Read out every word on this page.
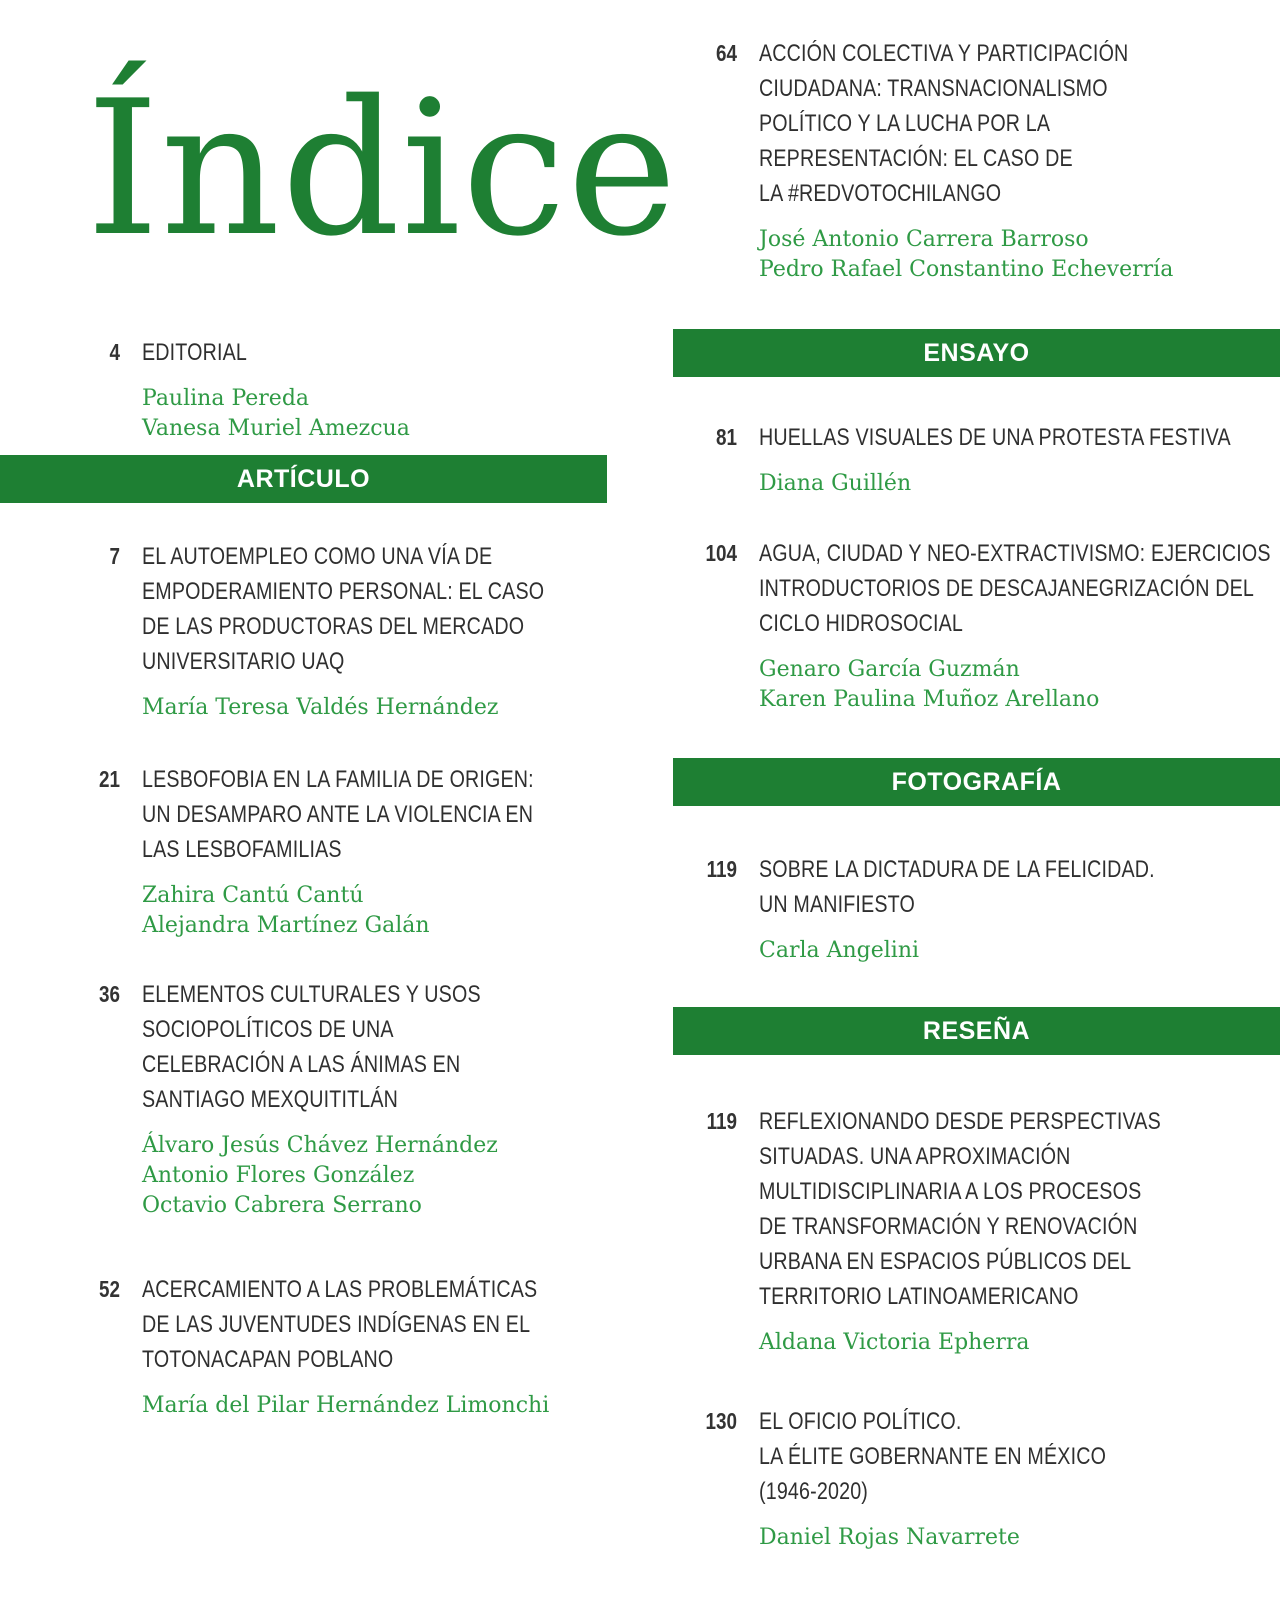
Índice
ARTÍCULO
ENSAYO
FOTOGRAFÍA
RESEÑA
4 EDITORIAL
Paulina Pereda
Vanesa Muriel Amezcua
7 EL AUTOEMPLEO COMO UNA VÍA DE
EMPODERAMIENTO PERSONAL: EL CASO
DE LAS PRODUCTORAS DEL MERCADO
UNIVERSITARIO UAQ
María Teresa Valdés Hernández
21 LESBOFOBIA EN LA FAMILIA DE ORIGEN:
UN DESAMPARO ANTE LA VIOLENCIA EN
LAS LESBOFAMILIAS
Zahira Cantú Cantú
Alejandra Martínez Galán
36 ELEMENTOS CULTURALES Y USOS
SOCIOPOLÍTICOS DE UNA
CELEBRACIÓN A LAS ÁNIMAS EN
SANTIAGO MEXQUITITLÁN
Álvaro Jesús Chávez Hernández
Antonio Flores González
Octavio Cabrera Serrano
52 ACERCAMIENTO A LAS PROBLEMÁTICAS
DE LAS JUVENTUDES INDÍGENAS EN EL
TOTONACAPAN POBLANO
María del Pilar Hernández Limonchi
64 ACCIÓN COLECTIVA Y PARTICIPACIÓN
CIUDADANA: TRANSNACIONALISMO
POLÍTICO Y LA LUCHA POR LA
REPRESENTACIÓN: EL CASO DE
LA #REDVOTOCHILANGO
José Antonio Carrera Barroso
Pedro Rafael Constantino Echeverría
81 HUELLAS VISUALES DE UNA PROTESTA FESTIVA
Diana Guillén
104 AGUA, CIUDAD Y NEO-EXTRACTIVISMO: EJERCICIOS
INTRODUCTORIOS DE DESCAJANEGRIZACIÓN DEL
CICLO HIDROSOCIAL
Genaro García Guzmán
Karen Paulina Muñoz Arellano
119 SOBRE LA DICTADURA DE LA FELICIDAD.
UN MANIFIESTO
Carla Angelini
119 REFLEXIONANDO DESDE PERSPECTIVAS
SITUADAS. UNA APROXIMACIÓN
MULTIDISCIPLINARIA A LOS PROCESOS
DE TRANSFORMACIÓN Y RENOVACIÓN
URBANA EN ESPACIOS PÚBLICOS DEL
TERRITORIO LATINOAMERICANO
Aldana Victoria Epherra
130 EL OFICIO POLÍTICO.
LA ÉLITE GOBERNANTE EN MÉXICO
(1946-2020)
Daniel Rojas Navarrete
